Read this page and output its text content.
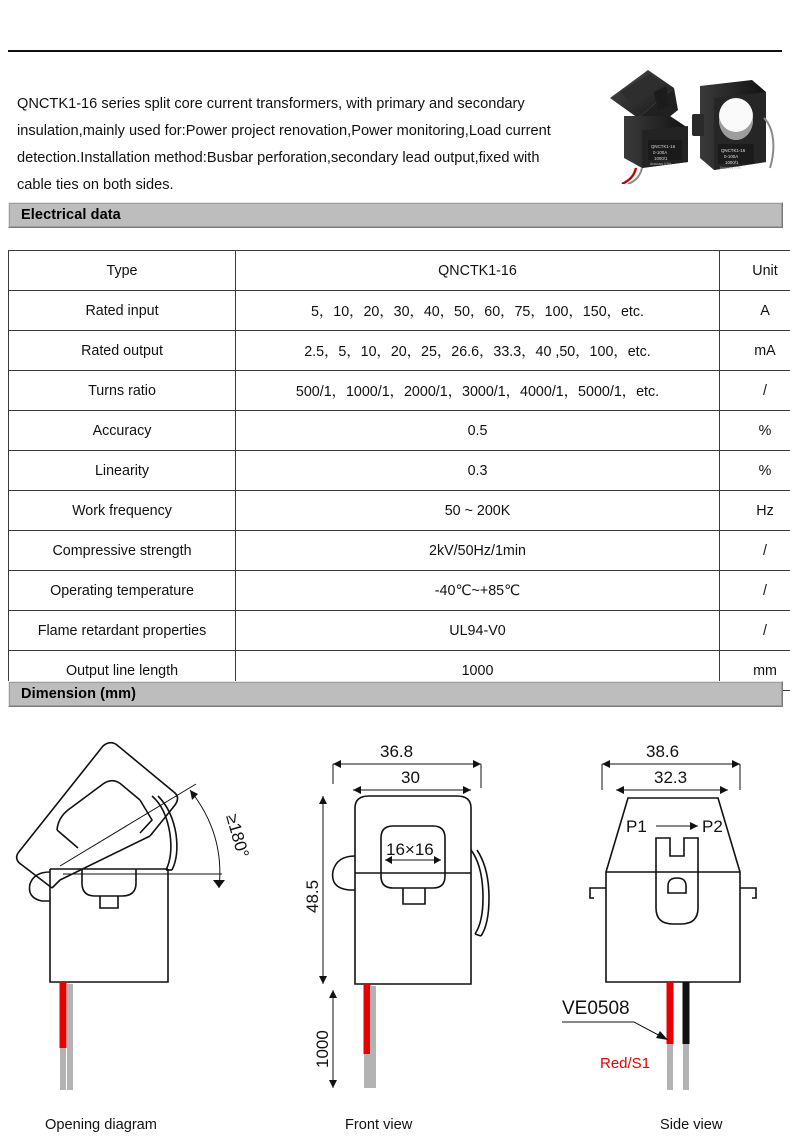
QNCTK1-16 series split core current transformers, with primary and secondary insulation,mainly used for:Power project renovation,Power monitoring,Load current detection.Installation method:Busbar perforation,secondary lead output,fixed with cable ties on both sides.

QNCTK1-16
0-100A
1000/1
Accuracy 0.5%
QNCTK1-16
0-100A
1000/1
Accuracy 0.5%
Electrical data
Type	QNCTK1-16	Unit
Rated input	5，10，20，30，40，50，60，75，100，150，etc.	A
Rated output	2.5，5，10，20，25，26.6，33.3，40 ,50，100，etc.	mA
Turns ratio	500/1，1000/1，2000/1，3000/1，4000/1，5000/1，etc.	/
Accuracy	0.5	%
Linearity	0.3	%
Work frequency	50 ~ 200K	Hz
Compressive strength	2kV/50Hz/1min	/
Operating temperature	-40℃~+85℃	/
Flame retardant properties	UL94-V0	/
Output line length	1000	mm
Dimension (mm)
≥180°
Opening diagram
36.8
30
48.5
16×16
1000
Front view
38.6
32.3
P1	P2
VE0508
Red/S1
Side view
